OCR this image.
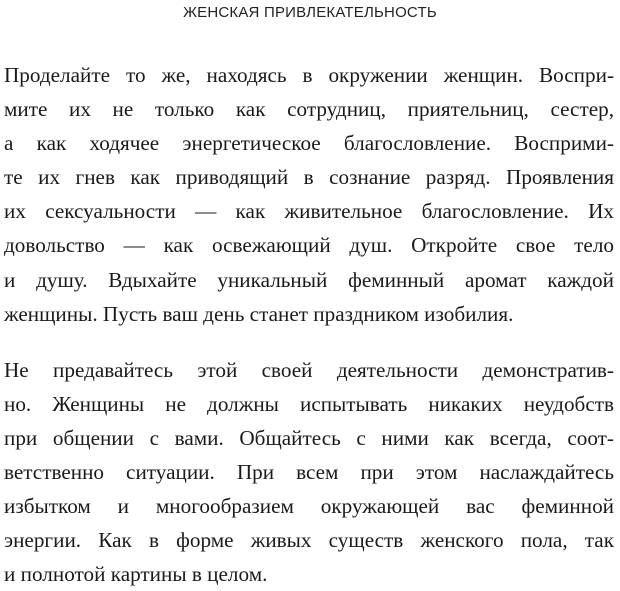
ЖЕНСКАЯ ПРИВЛЕКАТЕЛЬНОСТЬ

Проделайте то же, находясь в окружении женщин. Воспри-
мите их не только как сотрудниц, приятельниц, сестер,
а как ходячее энергетическое благословление. Восприми-
те их гнев как приводящий в сознание разряд. Проявления
их сексуальности — как живительное благословление. Их
довольство — как освежающий душ. Откройте свое тело
и душу. Вдыхайте уникальный феминный аромат каждой
женщины. Пусть ваш день станет праздником изобилия.

Не предавайтесь этой своей деятельности демонстратив-
но. Женщины не должны испытывать никаких неудобств
при общении с вами. Общайтесь с ними как всегда, соот-
ветственно ситуации. При всем при этом наслаждайтесь
избытком и многообразием окружающей вас феминной
энергии. Как в форме живых существ женского пола, так
и полнотой картины в целом.
